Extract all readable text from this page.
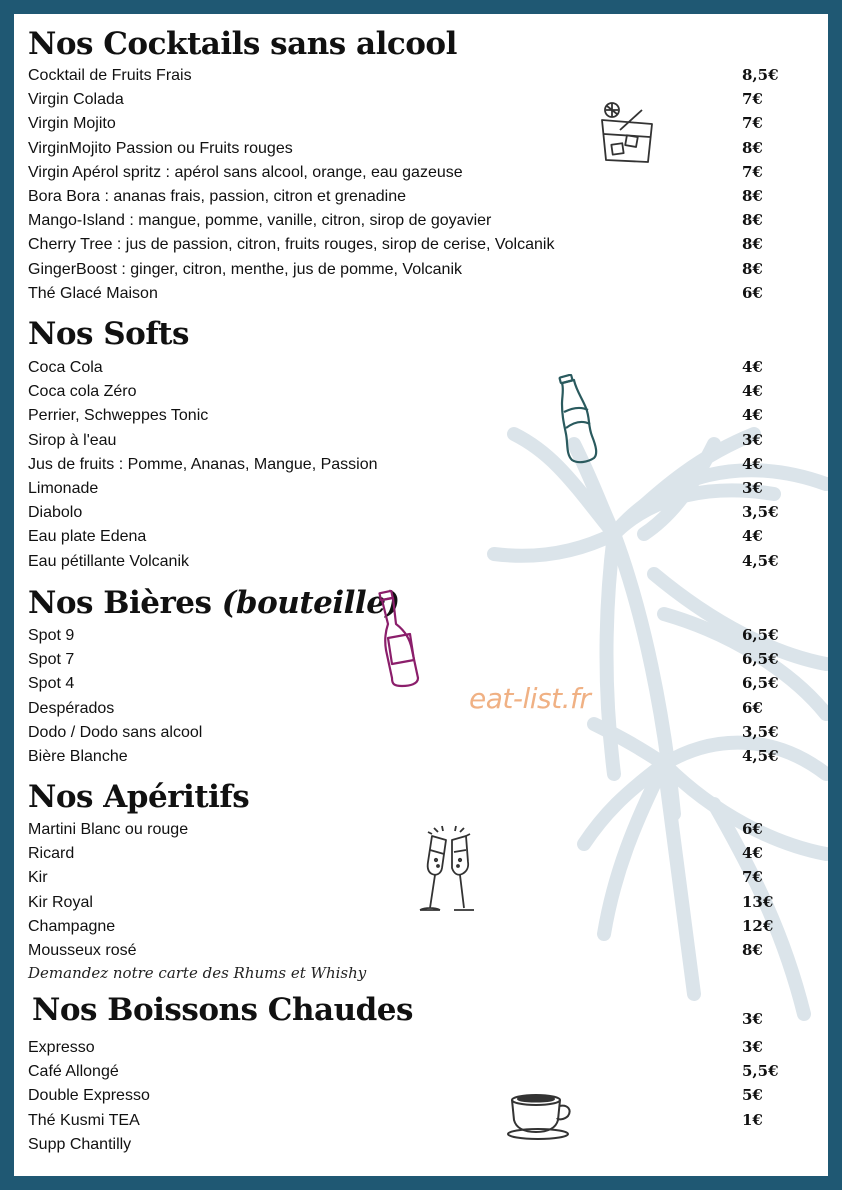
Nos Cocktails sans alcool
Nos Softs
Nos Bières (bouteille)
Nos Apéritifs
Demandez notre carte des Rhums et Whishy
Nos Boissons Chaudes	3€
Cocktail de Fruits Frais	8,5€
Virgin Colada	7€
Virgin Mojito	7€
VirginMojito Passion ou Fruits rouges	8€
Virgin Apérol spritz : apérol sans alcool, orange, eau gazeuse	7€
Bora Bora : ananas frais, passion, citron et grenadine	8€
Mango-Island : mangue, pomme, vanille, citron, sirop de goyavier	8€
Cherry Tree : jus de passion, citron, fruits rouges, sirop de cerise, Volcanik	8€
GingerBoost : ginger, citron, menthe, jus de pomme, Volcanik	8€
Thé Glacé Maison	6€
Coca Cola	4€
Coca cola Zéro	4€
Perrier, Schweppes Tonic	4€
Sirop à l'eau	3€
Jus de fruits : Pomme, Ananas, Mangue, Passion	4€
Limonade	3€
Diabolo	3,5€
Eau plate Edena	4€
Eau pétillante Volcanik	4,5€
Spot 9	6,5€
Spot 7	6,5€
Spot 4	6,5€
Despérados	6€
Dodo / Dodo sans alcool	3,5€
Bière Blanche	4,5€
Martini Blanc ou rouge	6€
Ricard	4€
Kir	7€
Kir Royal	13€
Champagne	12€
Mousseux rosé	8€
Expresso	3€
Café Allongé	5,5€
Double Expresso	5€
Thé Kusmi TEA	1€
Supp Chantilly
eat-list.fr
